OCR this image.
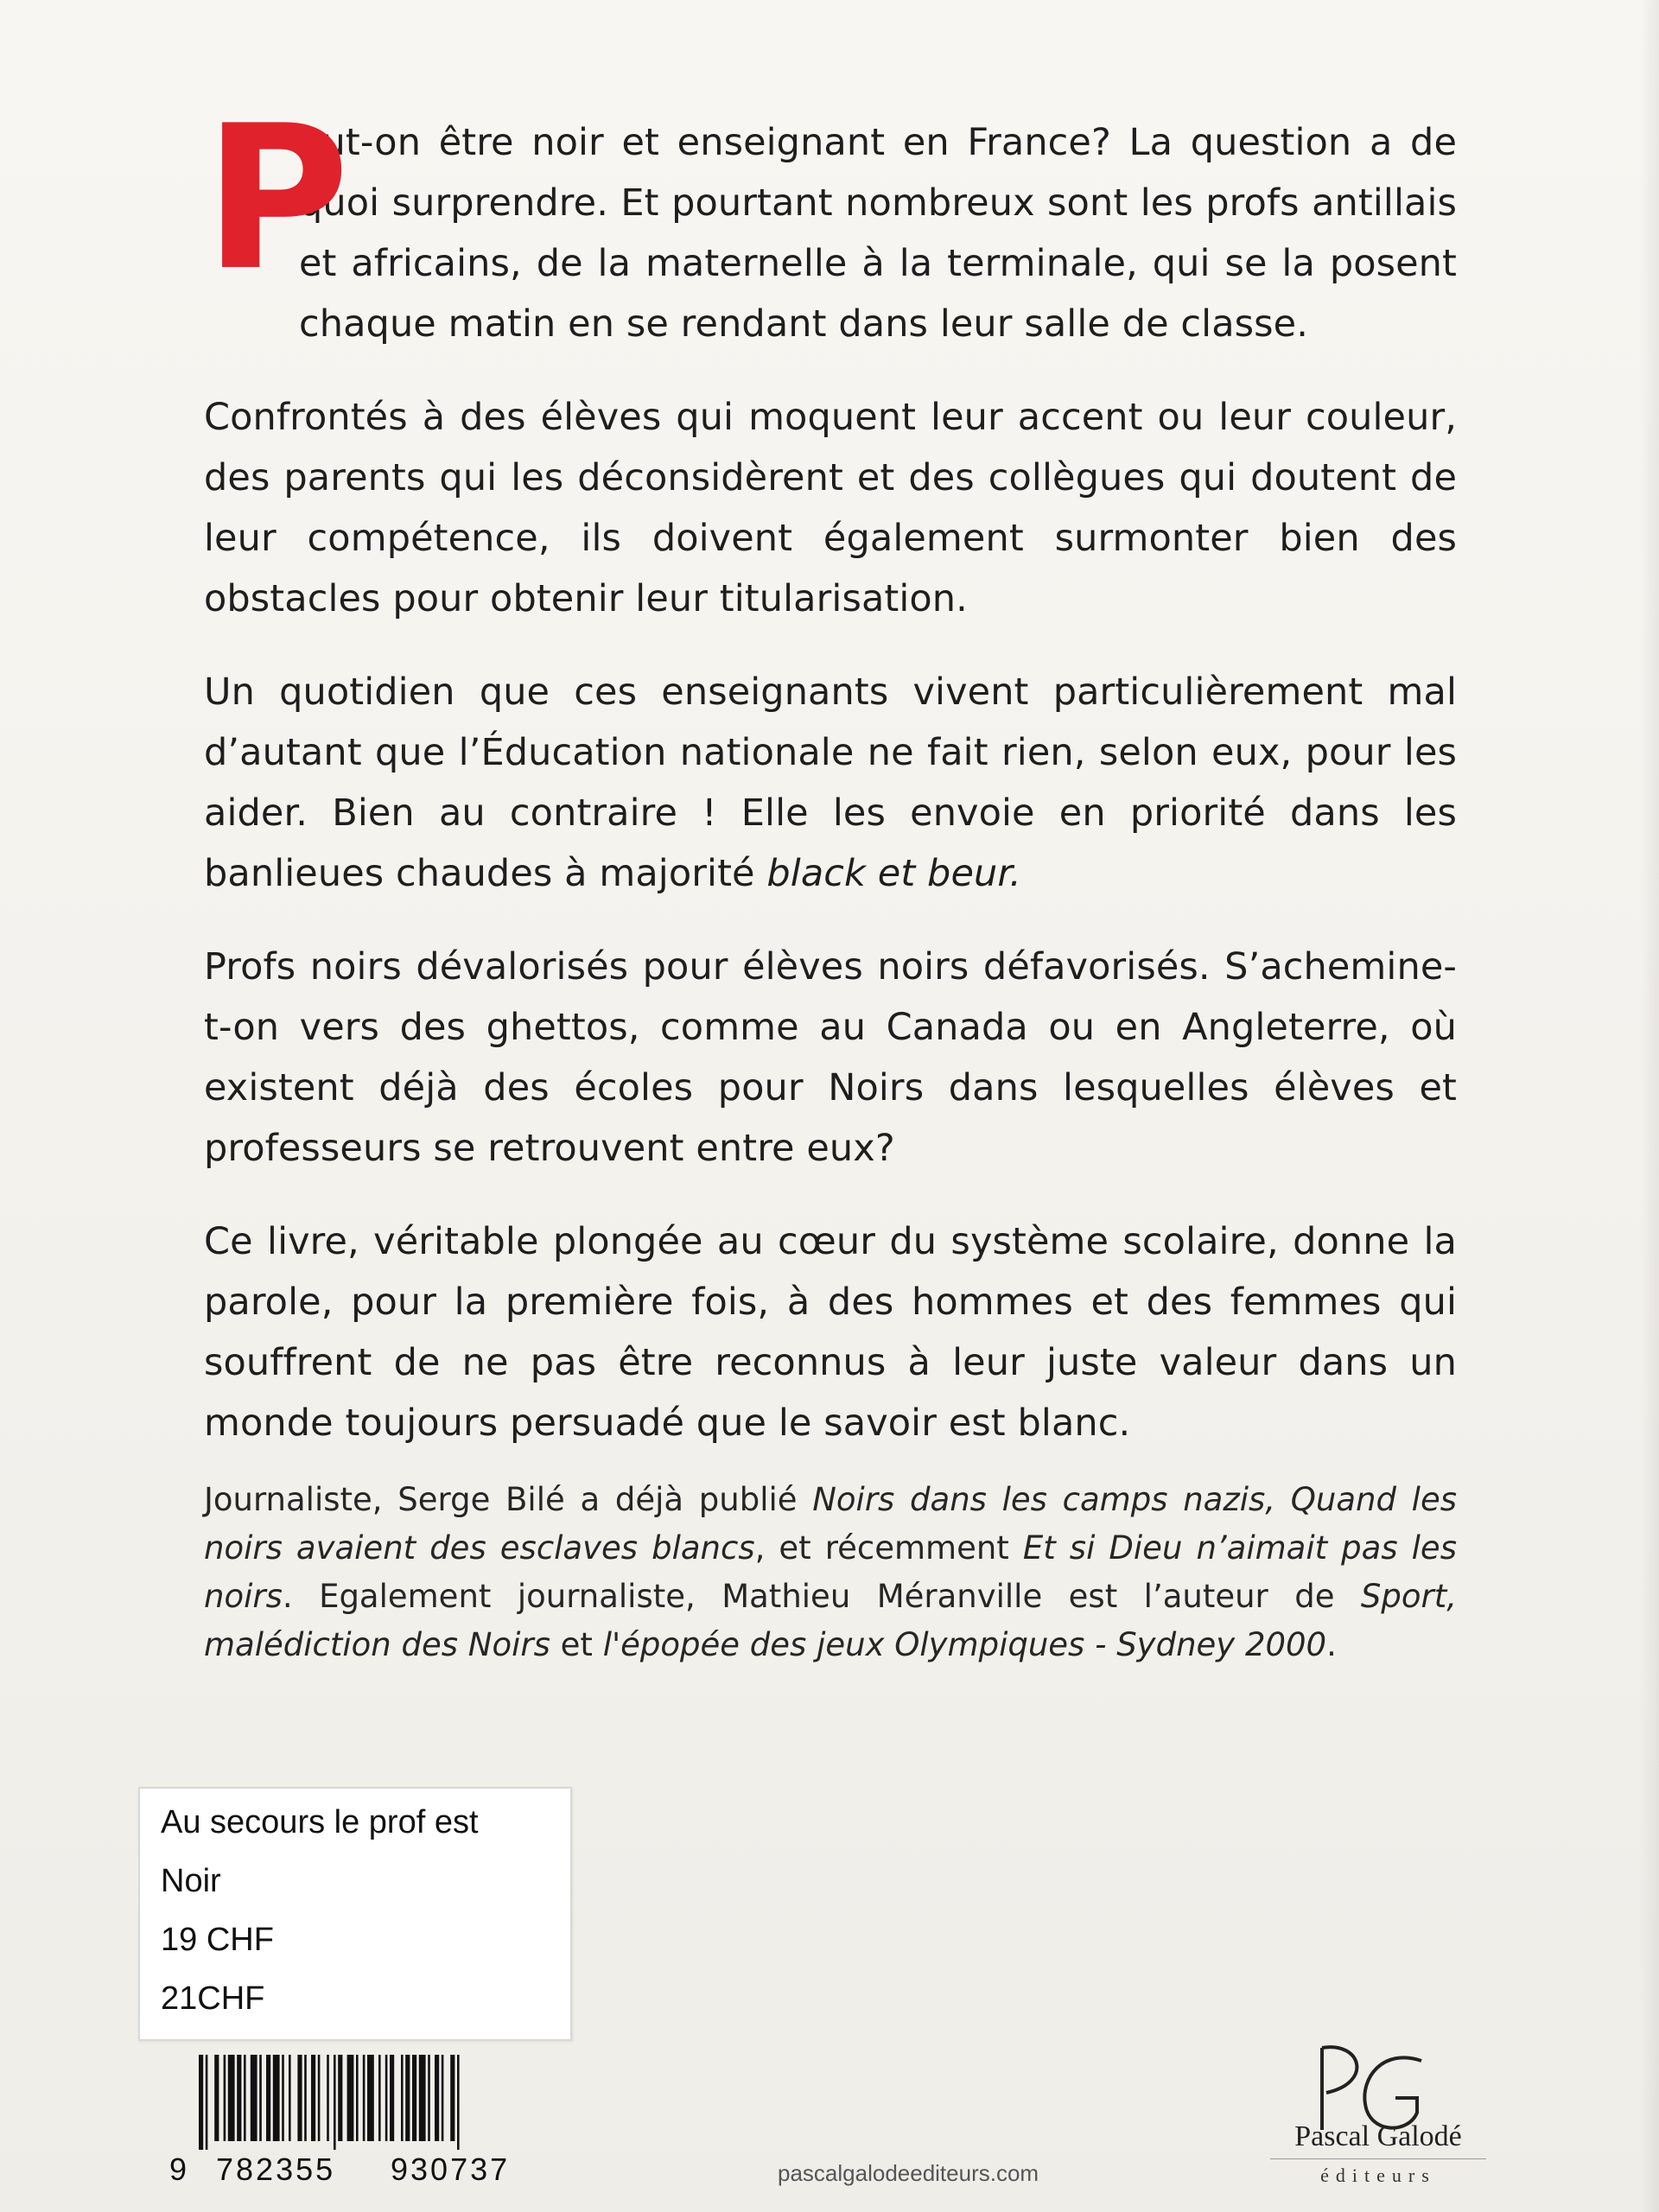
P
eut-on être noir et enseignant en France? La question a de quoi surprendre. Et pourtant nombreux sont les profs antillais et africains, de la maternelle à la terminale, qui se la posent chaque matin en se rendant dans leur salle de classe.

Confrontés à des élèves qui moquent leur accent ou leur couleur, des parents qui les déconsidèrent et des collègues qui doutent de leur compétence, ils doivent également surmonter bien des obstacles pour obtenir leur titularisation.

Un quotidien que ces enseignants vivent particulièrement mal d’autant que l’Éducation nationale ne fait rien, selon eux, pour les aider. Bien au contraire ! Elle les envoie en priorité dans les banlieues chaudes à majorité black et beur.

Profs noirs dévalorisés pour élèves noirs défavorisés. S’achemine-t-on vers des ghettos, comme au Canada ou en Angleterre, où existent déjà des écoles pour Noirs dans lesquelles élèves et professeurs se retrouvent entre eux?

Ce livre, véritable plongée au cœur du système scolaire, donne la parole, pour la première fois, à des hommes et des femmes qui souffrent de ne pas être reconnus à leur juste valeur dans un monde toujours persuadé que le savoir est blanc.

Journaliste, Serge Bilé a déjà publié Noirs dans les camps nazis, Quand les noirs avaient des esclaves blancs, et récemment Et si Dieu n’aimait pas les noirs. Egalement journaliste, Mathieu Méranville est l’auteur de Sport, malédiction des Noirs et l'épopée des jeux Olympiques - Sydney 2000.
Au secours le prof est
Noir
19 CHF
21CHF
9 782355 930737	pascalgalodeediteurs.com
Pascal Galodé
éditeurs
